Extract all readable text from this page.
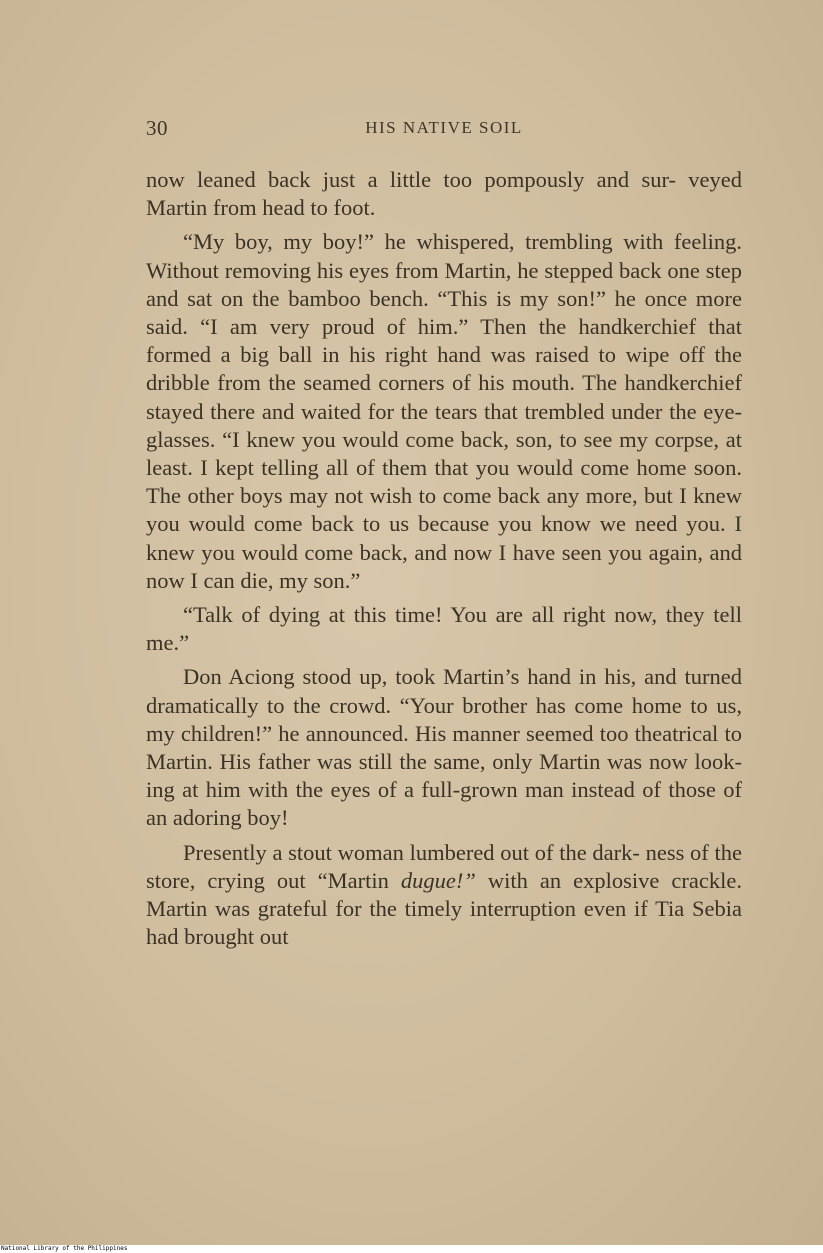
30	HIS NATIVE SOIL

now leaned back just a little too pompously and sur- veyed Martin from head to foot.

“My boy, my boy!” he whispered, trembling with feeling. Without removing his eyes from Martin, he stepped back one step and sat on the bamboo bench. “This is my son!” he once more said. “I am very proud of him.” Then the handkerchief that formed a big ball in his right hand was raised to wipe off the dribble from the seamed corners of his mouth. The handkerchief stayed there and waited for the tears that trembled under the eye-glasses. “I knew you would come back, son, to see my corpse, at least. I kept telling all of them that you would come home soon. The other boys may not wish to come back any more, but I knew you would come back to us because you know we need you. I knew you would come back, and now I have seen you again, and now I can die, my son.”

“Talk of dying at this time! You are all right now, they tell me.”

Don Aciong stood up, took Martin’s hand in his, and turned dramatically to the crowd. “Your brother has come home to us, my children!” he announced. His manner seemed too theatrical to Martin. His father was still the same, only Martin was now look- ing at him with the eyes of a full-grown man instead of those of an adoring boy!

Presently a stout woman lumbered out of the dark- ness of the store, crying out “Martin dugue!” with an explosive crackle. Martin was grateful for the timely interruption even if Tia Sebia had brought out

National Library of the Philippines
